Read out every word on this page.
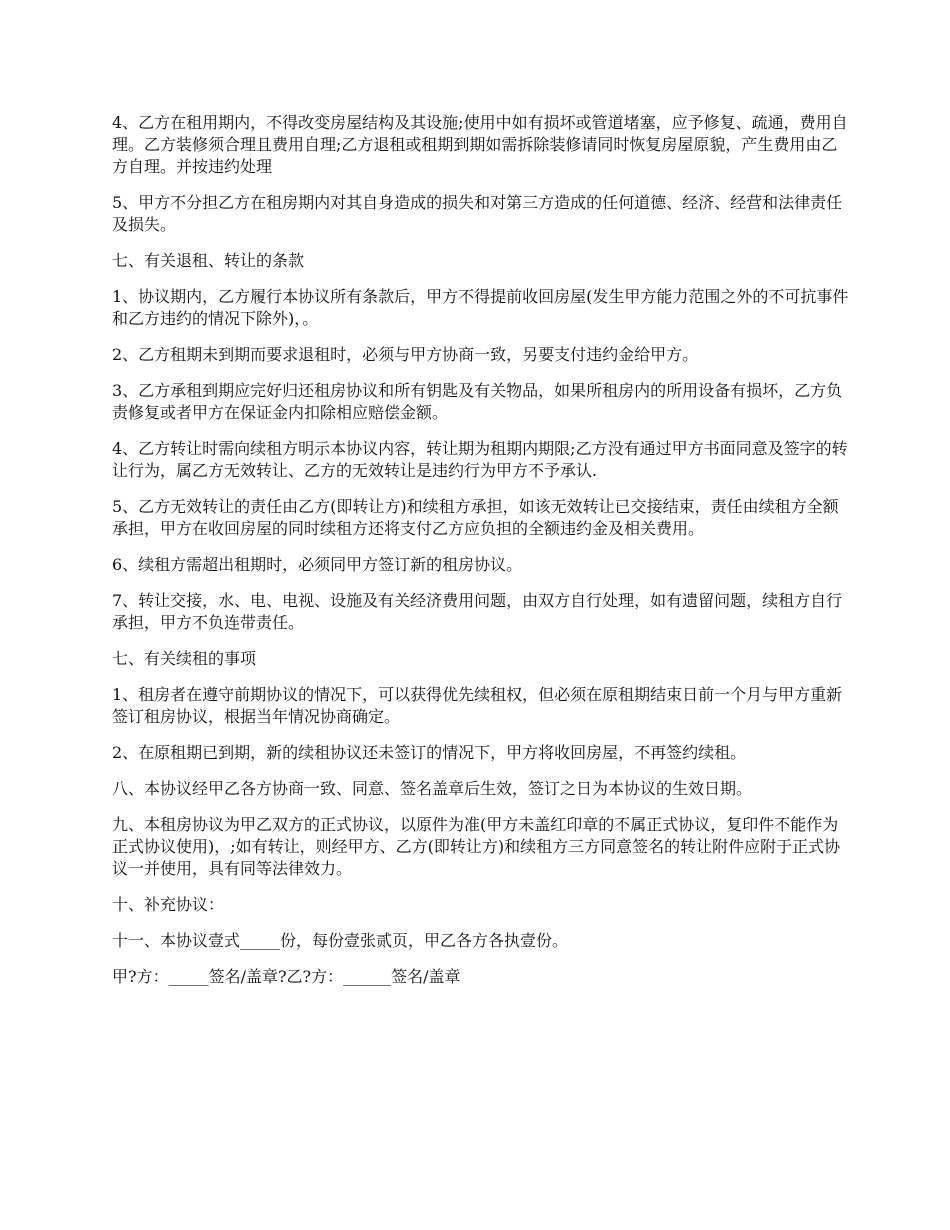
4、乙方在租用期内，不得改变房屋结构及其设施;使用中如有损坏或管道堵塞，应予修复、疏通，费用自理。乙方装修须合理且费用自理;乙方退租或租期到期如需拆除装修请同时恢复房屋原貌，产生费用由乙方自理。并按违约处理

5、甲方不分担乙方在租房期内对其自身造成的损失和对第三方造成的任何道德、经济、经营和法律责任及损失。

七、有关退租、转让的条款

1、协议期内，乙方履行本协议所有条款后，甲方不得提前收回房屋(发生甲方能力范围之外的不可抗事件和乙方违约的情况下除外)，。

2、乙方租期未到期而要求退租时，必须与甲方协商一致，另要支付违约金给甲方。

3、乙方承租到期应完好归还租房协议和所有钥匙及有关物品，如果所租房内的所用设备有损坏，乙方负责修复或者甲方在保证金内扣除相应赔偿金额。

4、乙方转让时需向续租方明示本协议内容，转让期为租期内期限;乙方没有通过甲方书面同意及签字的转让行为，属乙方无效转让、乙方的无效转让是违约行为甲方不予承认.

5、乙方无效转让的责任由乙方(即转让方)和续租方承担，如该无效转让已交接结束，责任由续租方全额承担，甲方在收回房屋的同时续租方还将支付乙方应负担的全额违约金及相关费用。

6、续租方需超出租期时，必须同甲方签订新的租房协议。

7、转让交接，水、电、电视、设施及有关经济费用问题，由双方自行处理，如有遗留问题，续租方自行承担，甲方不负连带责任。

七、有关续租的事项

1、租房者在遵守前期协议的情况下，可以获得优先续租权，但必须在原租期结束日前一个月与甲方重新签订租房协议，根据当年情况协商确定。

2、在原租期已到期，新的续租协议还未签订的情况下，甲方将收回房屋，不再签约续租。

八、本协议经甲乙各方协商一致、同意、签名盖章后生效，签订之日为本协议的生效日期。

九、本租房协议为甲乙双方的正式协议，以原件为准(甲方未盖红印章的不属正式协议，复印件不能作为正式协议使用)，;如有转让，则经甲方、乙方(即转让方)和续租方三方同意签名的转让附件应附于正式协议一并使用，具有同等法律效力。

十、补充协议：

十一、本协议壹式_____份，每份壹张贰页，甲乙各方各执壹份。

甲?方：_____签名/盖章?乙?方：______签名/盖章
